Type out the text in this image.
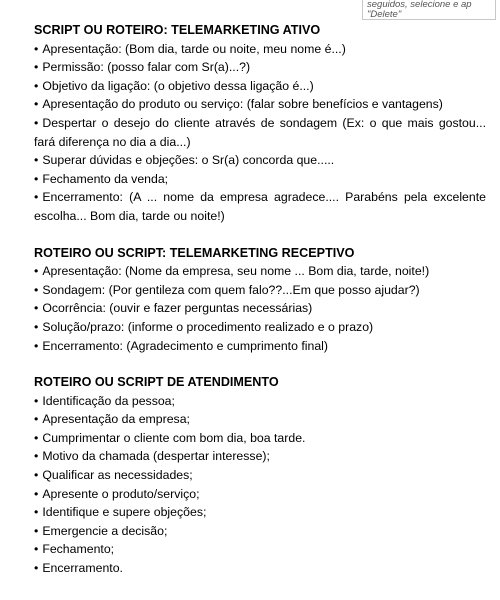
seguidos, selecione e ap
"Delete"

SCRIPT OU ROTEIRO: TELEMARKETING ATIVO

• Apresentação: (Bom dia, tarde ou noite, meu nome é...)
• Permissão: (posso falar com Sr(a)...?)
• Objetivo da ligação: (o objetivo dessa ligação é...)
• Apresentação do produto ou serviço: (falar sobre benefícios e vantagens)
• Despertar o desejo do cliente através de sondagem (Ex: o que mais gostou... fará diferença no dia a dia...)
• Superar dúvidas e objeções: o Sr(a) concorda que.....
• Fechamento da venda;
• Encerramento: (A ... nome da empresa agradece.... Parabéns pela excelente escolha... Bom dia, tarde ou noite!)

ROTEIRO OU SCRIPT: TELEMARKETING RECEPTIVO

• Apresentação: (Nome da empresa, seu nome ... Bom dia, tarde, noite!)
• Sondagem: (Por gentileza com quem falo??...Em que posso ajudar?)
• Ocorrência: (ouvir e fazer perguntas necessárias)
• Solução/prazo: (informe o procedimento realizado e o prazo)
• Encerramento: (Agradecimento e cumprimento final)

ROTEIRO OU SCRIPT DE ATENDIMENTO

• Identificação da pessoa;
• Apresentação da empresa;
• Cumprimentar o cliente com bom dia, boa tarde.
• Motivo da chamada (despertar interesse);
• Qualificar as necessidades;
• Apresente o produto/serviço;
• Identifique e supere objeções;
• Emergencie a decisão;
• Fechamento;
• Encerramento.
